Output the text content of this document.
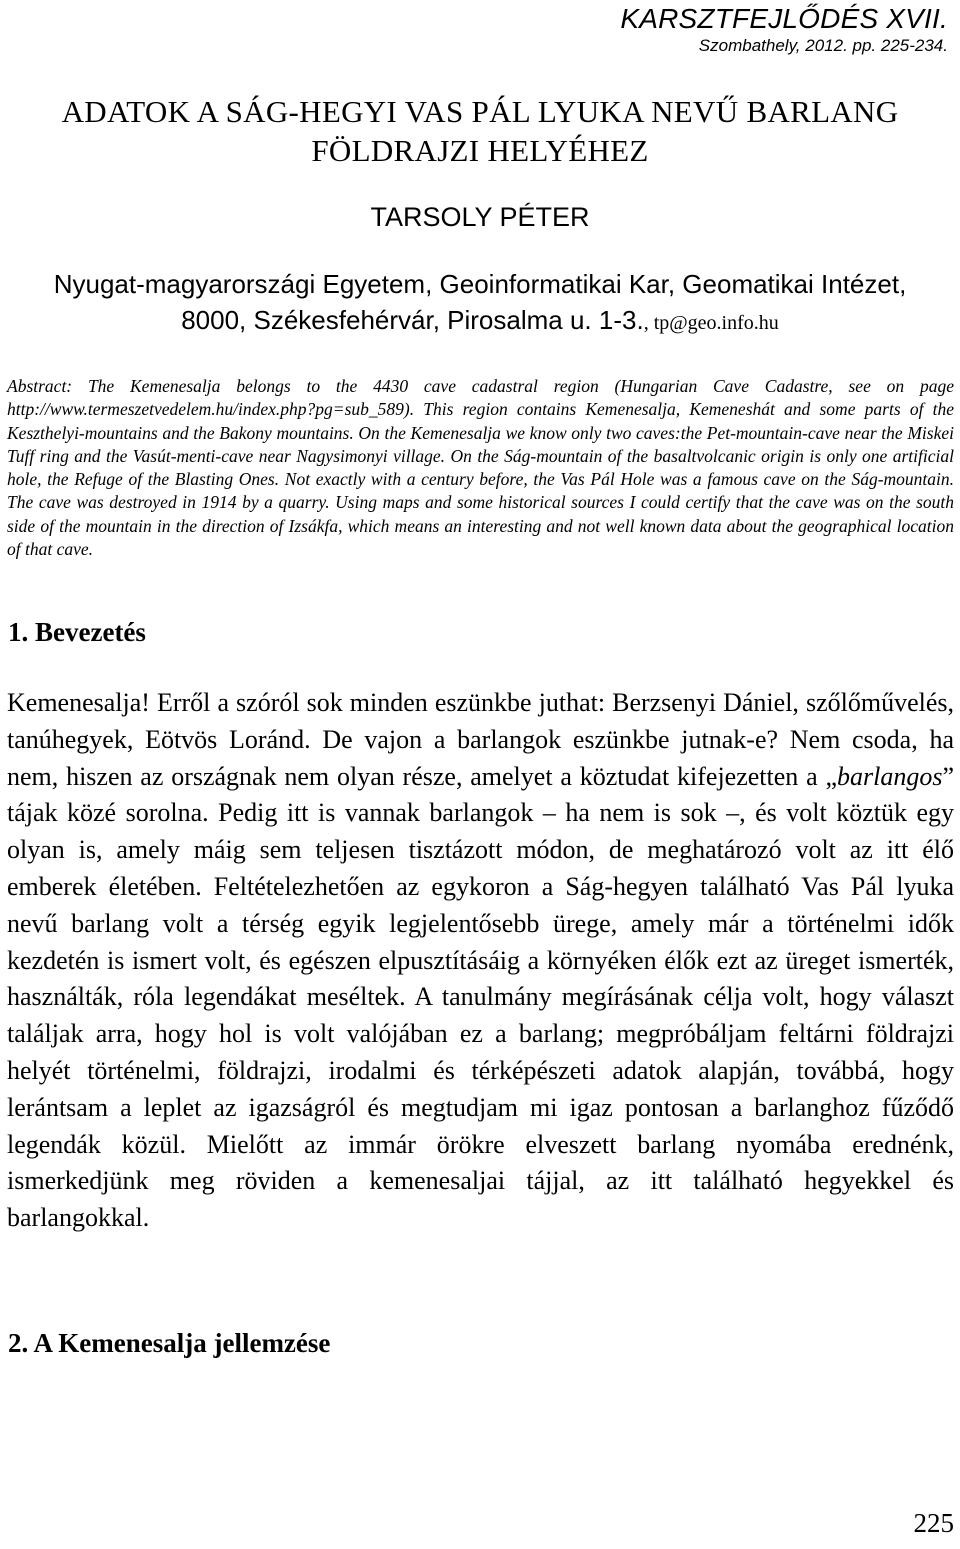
KARSZTFEJLŐDÉS XVII.
Szombathely, 2012. pp. 225-234.
ADATOK A SÁG-HEGYI VAS PÁL LYUKA NEVŰ BARLANG
FÖLDRAJZI HELYÉHEZ
TARSOLY PÉTER
Nyugat-magyarországi Egyetem, Geoinformatikai Kar, Geomatikai Intézet,
8000, Székesfehérvár, Pirosalma u. 1-3., tp@geo.info.hu
Abstract: The Kemenesalja belongs to the 4430 cave cadastral region (Hungarian Cave Cadastre, see on page http://www.termeszetvedelem.hu/index.php?pg=sub_589). This region contains Kemenesalja, Kemeneshát and some parts of the Keszthelyi-mountains and the Bakony mountains. On the Kemenesalja we know only two caves:the Pet-mountain-cave near the Miskei Tuff ring and the Vasút-menti-cave near Nagysimonyi village. On the Ság-mountain of the basaltvolcanic origin is only one artificial hole, the Refuge of the Blasting Ones. Not exactly with a century before, the Vas Pál Hole was a famous cave on the Ság-mountain. The cave was destroyed in 1914 by a quarry. Using maps and some historical sources I could certify that the cave was on the south side of the mountain in the direction of Izsákfa, which means an interesting and not well known data about the geographical location of that cave.
1. Bevezetés
Kemenesalja! Erről a szóról sok minden eszünkbe juthat: Berzsenyi Dániel, szőlőművelés, tanúhegyek, Eötvös Loránd. De vajon a barlangok eszünkbe jutnak-e? Nem csoda, ha nem, hiszen az országnak nem olyan része, amelyet a köztudat kifejezetten a „barlangos” tájak közé sorolna. Pedig itt is vannak barlangok – ha nem is sok –, és volt köztük egy olyan is, amely máig sem teljesen tisztázott módon, de meghatározó volt az itt élő emberek életében. Feltételezhetően az egykoron a Ság-hegyen található Vas Pál lyuka nevű barlang volt a térség egyik legjelentősebb üregе, amely már a történelmi idők kezdetén is ismert volt, és egészen elpusztításáig a környéken élők ezt az üreget ismerték, használták, róla legendákat meséltek. A tanulmány megírásának célja volt, hogy választ találjak arra, hogy hol is volt valójában ez a barlang; megpróbáljam feltárni földrajzi helyét történelmi, földrajzi, irodalmi és térképészeti adatok alapján, továbbá, hogy lerántsam a leplet az igazságról és megtudjam mi igaz pontosan a barlanghoz fűződő legendák közül. Mielőtt az immár örökre elveszett barlang nyomába erednénk, ismerkedjünk meg röviden a kemenesaljai tájjal, az itt található hegyekkel és barlangokkal.
2. A Kemenesalja jellemzése
225
